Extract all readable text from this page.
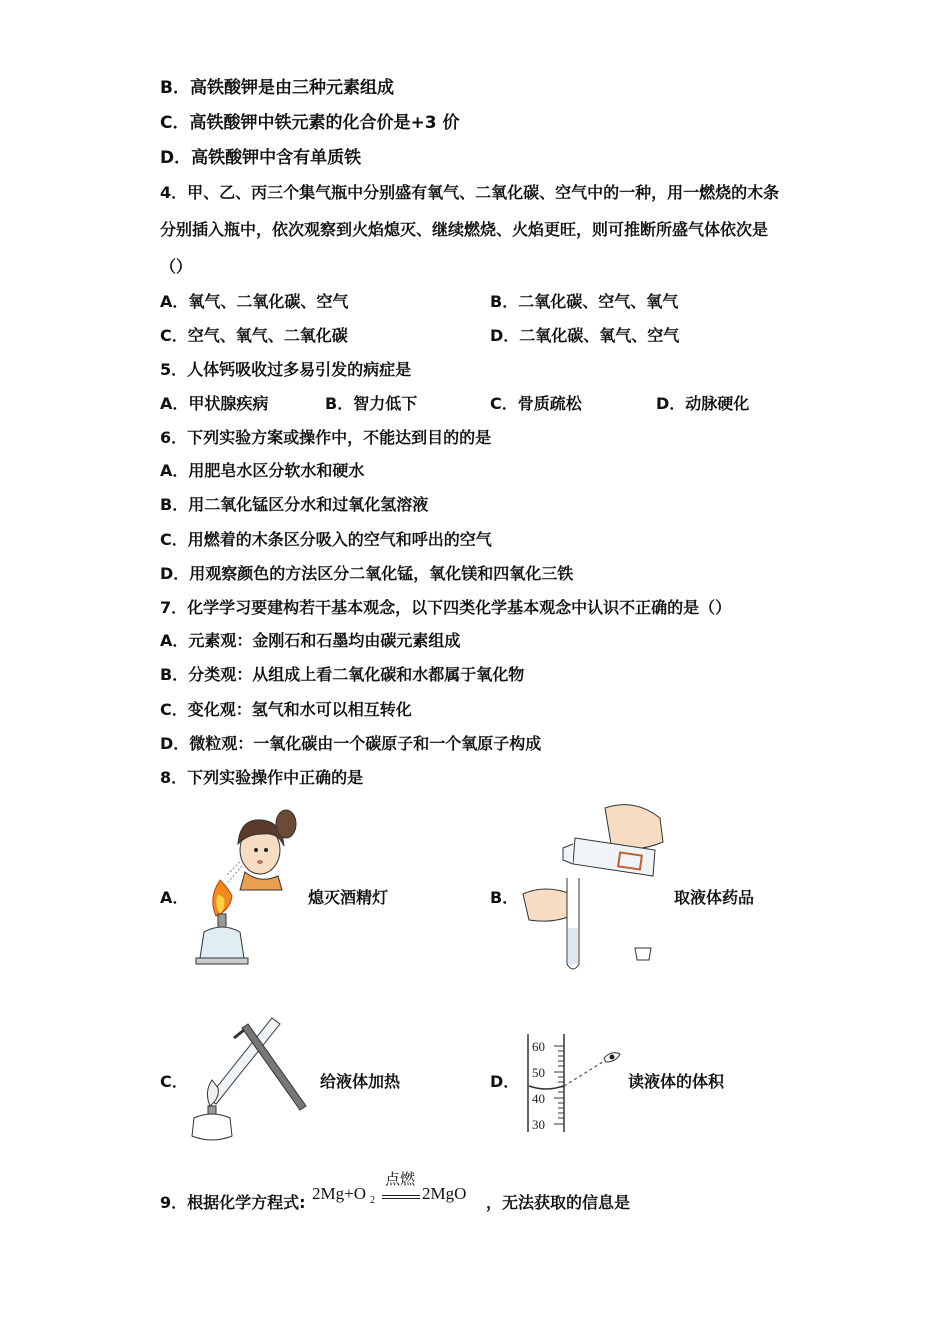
B．高铁酸钾是由三种元素组成
C．高铁酸钾中铁元素的化合价是+3 价
D．高铁酸钾中含有单质铁
4．甲、乙、丙三个集气瓶中分别盛有氧气、二氧化碳、空气中的一种，用一燃烧的木条
分别插入瓶中，依次观察到火焰熄灭、继续燃烧、火焰更旺，则可推断所盛气体依次是
（）
A．氧气、二氧化碳、空气	B．二氧化碳、空气、氧气
C．空气、氧气、二氧化碳	D．二氧化碳、氧气、空气
5．人体钙吸收过多易引发的病症是
A．甲状腺疾病	B．智力低下	C．骨质疏松	D．动脉硬化
6．下列实验方案或操作中，不能达到目的的是
A．用肥皂水区分软水和硬水
B．用二氧化锰区分水和过氧化氢溶液
C．用燃着的木条区分吸入的空气和呼出的空气
D．用观察颜色的方法区分二氧化锰，氧化镁和四氧化三铁
7．化学学习要建构若干基本观念，以下四类化学基本观念中认识不正确的是（）
A．元素观：金刚石和石墨均由碳元素组成
B．分类观：从组成上看二氧化碳和水都属于氧化物
C．变化观：氢气和水可以相互转化
D．微粒观：一氧化碳由一个碳原子和一个氧原子构成
8．下列实验操作中正确的是
A．	熄灭酒精灯	B．	取液体药品
C．	给液体加热	D．
60
50
40
30
读液体的体积
9．根据化学方程式: 2Mg+O 2
点燃
2MgO ，无法获取的信息是
